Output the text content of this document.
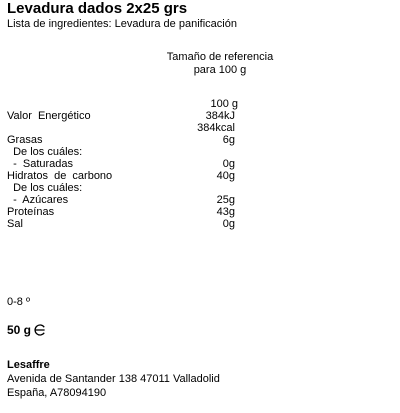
Levadura dados 2x25 grs
Lista de ingredientes: Levadura de panificación
Tamaño de referencia
para 100 g
100 g
Valor  Energético	384kJ
384kcal
Grasas	6g
De los cuáles:
-  Saturadas	0g
Hidratos  de  carbono	40g
De los cuáles:
-  Azúcares	25g
Proteínas	43g
Sal	0g
0-8 º
50 g
Lesaffre
Avenida de Santander 138 47011 Valladolid
España, A78094190
